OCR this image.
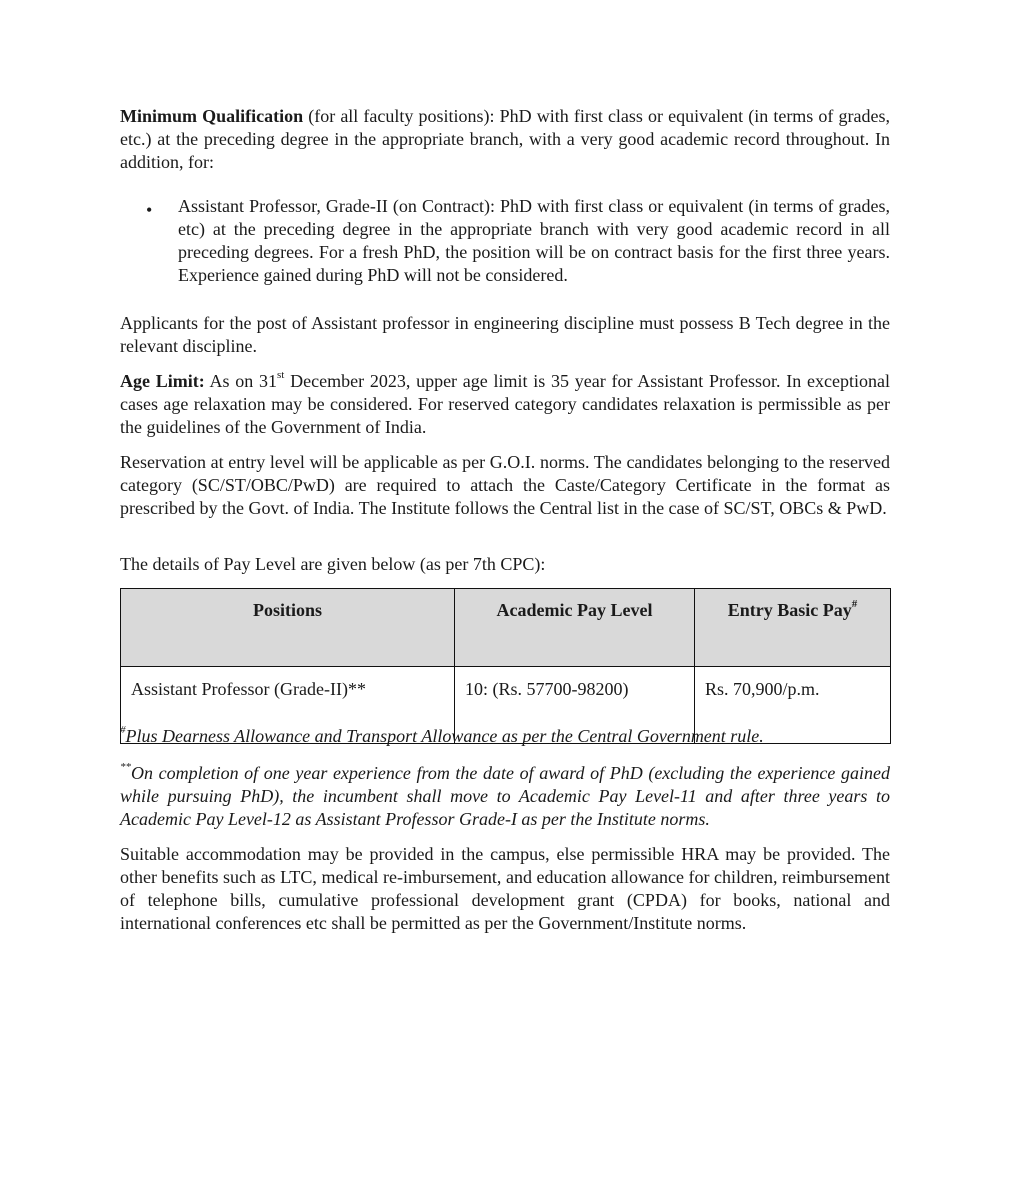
Minimum Qualification (for all faculty positions): PhD with first class or equivalent (in terms of grades, etc.) at the preceding degree in the appropriate branch, with a very good academic record throughout. In addition, for:

• Assistant Professor, Grade-II (on Contract): PhD with first class or equivalent (in terms of grades, etc) at the preceding degree in the appropriate branch with very good academic record in all preceding degrees. For a fresh PhD, the position will be on contract basis for the first three years. Experience gained during PhD will not be considered.

Applicants for the post of Assistant professor in engineering discipline must possess B Tech degree in the relevant discipline.

Age Limit: As on 31st December 2023, upper age limit is 35 year for Assistant Professor. In exceptional cases age relaxation may be considered. For reserved category candidates relaxation is permissible as per the guidelines of the Government of India.

Reservation at entry level will be applicable as per G.O.I. norms. The candidates belonging to the reserved category (SC/ST/OBC/PwD) are required to attach the Caste/Category Certificate in the format as prescribed by the Govt. of India. The Institute follows the Central list in the case of SC/ST, OBCs & PwD.

The details of Pay Level are given below (as per 7th CPC):

Positions	Academic Pay Level	Entry Basic Pay#
Assistant Professor (Grade-II)**	10: (Rs. 57700-98200)	Rs. 70,900/p.m.

#Plus Dearness Allowance and Transport Allowance as per the Central Government rule.

**On completion of one year experience from the date of award of PhD (excluding the experience gained while pursuing PhD), the incumbent shall move to Academic Pay Level-11 and after three years to Academic Pay Level-12 as Assistant Professor Grade-I as per the Institute norms.

Suitable accommodation may be provided in the campus, else permissible HRA may be provided. The other benefits such as LTC, medical re-imbursement, and education allowance for children, reimbursement of telephone bills, cumulative professional development grant (CPDA) for books, national and international conferences etc shall be permitted as per the Government/Institute norms.
